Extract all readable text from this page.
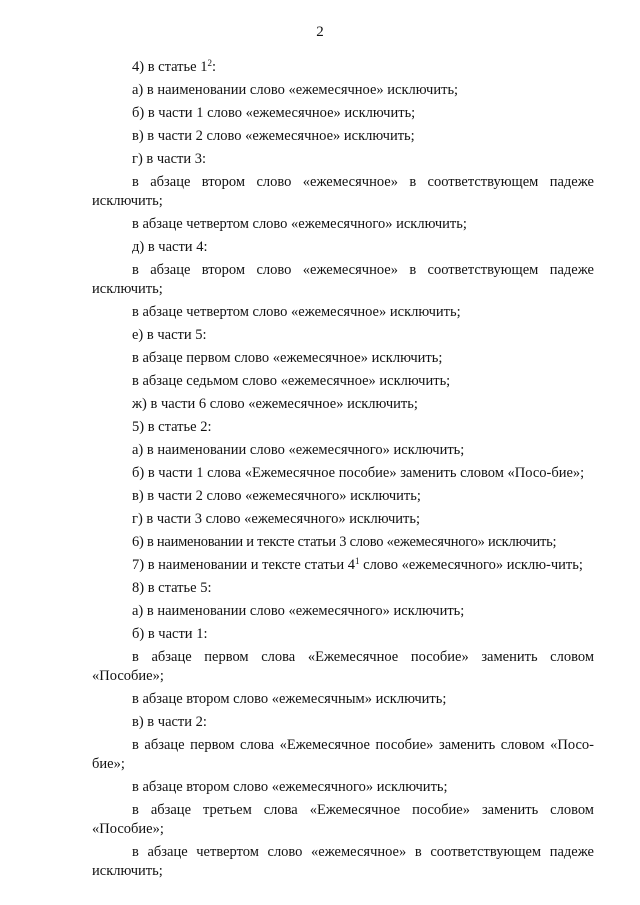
2
4) в статье $1^2$:
а) в наименовании слово «ежемесячное» исключить;
б) в части 1 слово «ежемесячное» исключить;
в) в части 2 слово «ежемесячное» исключить;
г) в части 3:
в абзаце втором слово «ежемесячное» в соответствующем падеже исключить;
в абзаце четвертом слово «ежемесячного» исключить;
д) в части 4:
в абзаце втором слово «ежемесячное» в соответствующем падеже исключить;
в абзаце четвертом слово «ежемесячное» исключить;
е) в части 5:
в абзаце первом слово «ежемесячное» исключить;
в абзаце седьмом слово «ежемесячное» исключить;
ж) в части 6 слово «ежемесячное» исключить;
5) в статье 2:
а) в наименовании слово «ежемесячного» исключить;
б) в части 1 слова «Ежемесячное пособие» заменить словом «Посо-бие»;
в) в части 2 слово «ежемесячного» исключить;
г) в части 3 слово «ежемесячного» исключить;
6) в наименовании и тексте статьи 3 слово «ежемесячного» исключить;
7) в наименовании и тексте статьи $4^1$ слово «ежемесячного» исклю-чить;
8) в статье 5:
а) в наименовании слово «ежемесячного» исключить;
б) в части 1:
в абзаце первом слова «Ежемесячное пособие» заменить словом «Пособие»;
в абзаце втором слово «ежемесячным» исключить;
в) в части 2:
в абзаце первом слова «Ежемесячное пособие» заменить словом «Посо-бие»;
в абзаце втором слово «ежемесячного» исключить;
в абзаце третьем слова «Ежемесячное пособие» заменить словом «Пособие»;
в абзаце четвертом слово «ежемесячное» в соответствующем падеже исключить;
